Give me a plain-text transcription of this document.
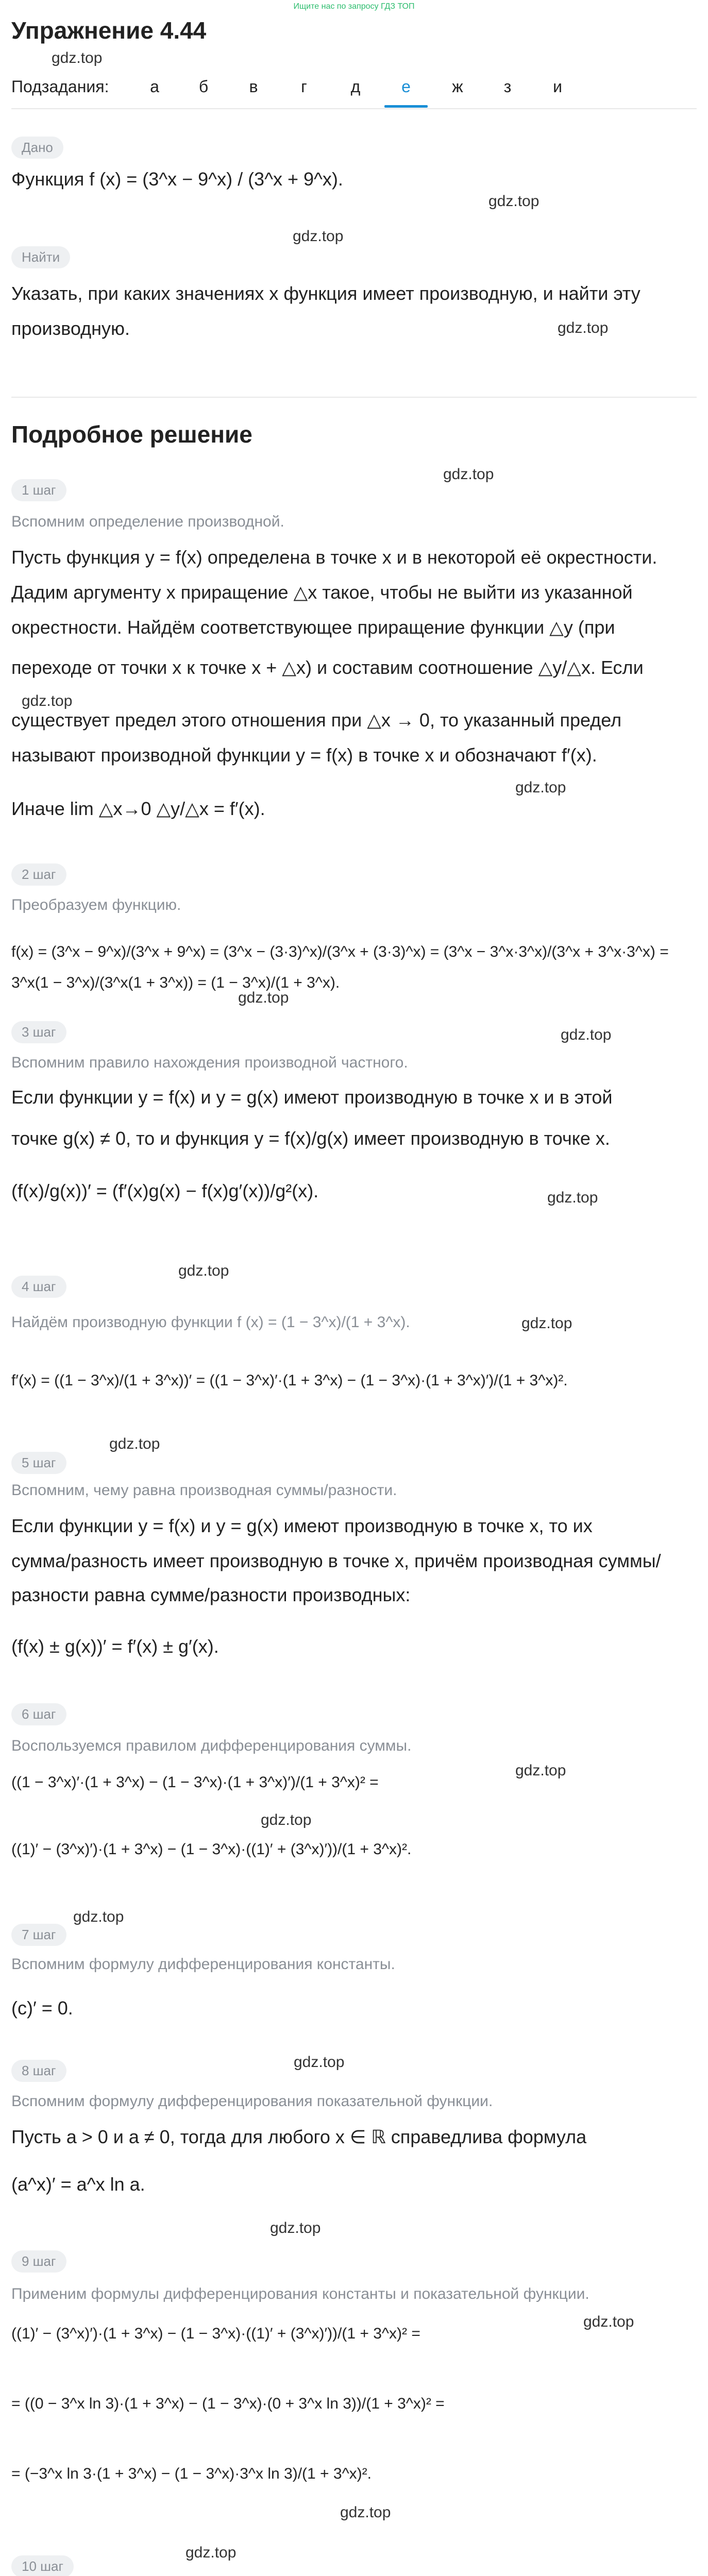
Ищите нас по запросу ГДЗ ТОП
Упражнение 4.44
gdz.top
Подзадания:	а	б	в	г	д	е	ж	з	и
Дано
Функция f (x) = (3^x − 9^x) / (3^x + 9^x).
gdz.top
gdz.top
Найти
Указать, при каких значениях x функция имеет производную, и найти эту
производную.	gdz.top
Подробное решение
gdz.top
1 шаг
Вспомним определение производной.
Пусть функция y = f(x) определена в точке x и в некоторой её окрестности.
Дадим аргументу x приращение △x такое, чтобы не выйти из указанной
окрестности. Найдём соответствующее приращение функции △y (при
переходе от точки x к точке x + △x) и составим соотношение △y/△x. Если
gdz.top
существует предел этого отношения при △x → 0, то указанный предел
называют производной функции y = f(x) в точке x и обозначают f′(x).
gdz.top
Иначе lim △x→0 △y/△x = f′(x).
2 шаг
Преобразуем функцию.
f(x) = (3^x − 9^x)/(3^x + 9^x) = (3^x − (3·3)^x)/(3^x + (3·3)^x) = (3^x − 3^x·3^x)/(3^x + 3^x·3^x) = 3^x(1 − 3^x)/(3^x(1 + 3^x)) = (1 − 3^x)/(1 + 3^x).
gdz.top
gdz.top
3 шаг
Вспомним правило нахождения производной частного.
Если функции y = f(x) и y = g(x) имеют производную в точке x и в этой
точке g(x) ≠ 0, то и функция y = f(x)/g(x) имеет производную в точке x.
(f(x)/g(x))′ = (f′(x)g(x) − f(x)g′(x))/g²(x).	gdz.top
gdz.top
4 шаг
gdz.top
Найдём производную функции f (x) = (1 − 3^x)/(1 + 3^x).
f′(x) = ((1 − 3^x)/(1 + 3^x))′ = ((1 − 3^x)′·(1 + 3^x) − (1 − 3^x)·(1 + 3^x)′)/(1 + 3^x)².
gdz.top
5 шаг
Вспомним, чему равна производная суммы/разности.
Если функции y = f(x) и y = g(x) имеют производную в точке x, то их
сумма/разность имеет производную в точке x, причём производная суммы/
разности равна сумме/разности производных:
(f(x) ± g(x))′ = f′(x) ± g′(x).
6 шаг
Воспользуемся правилом дифференцирования суммы.
gdz.top
((1 − 3^x)′·(1 + 3^x) − (1 − 3^x)·(1 + 3^x)′)/(1 + 3^x)² =
gdz.top
((1)′ − (3^x)′)·(1 + 3^x) − (1 − 3^x)·((1)′ + (3^x)′))/(1 + 3^x)².
gdz.top
7 шаг
Вспомним формулу дифференцирования константы.
(c)′ = 0.
gdz.top
8 шаг
Вспомним формулу дифференцирования показательной функции.
Пусть a > 0 и a ≠ 0, тогда для любого x ∈ ℝ справедлива формула
(a^x)′ = a^x ln a.
gdz.top
9 шаг
Применим формулы дифференцирования константы и показательной функции.
gdz.top
((1)′ − (3^x)′)·(1 + 3^x) − (1 − 3^x)·((1)′ + (3^x)′))/(1 + 3^x)² =
= ((0 − 3^x ln 3)·(1 + 3^x) − (1 − 3^x)·(0 + 3^x ln 3))/(1 + 3^x)² =
= (−3^x ln 3·(1 + 3^x) − (1 − 3^x)·3^x ln 3)/(1 + 3^x)².
gdz.top
gdz.top
10 шаг
